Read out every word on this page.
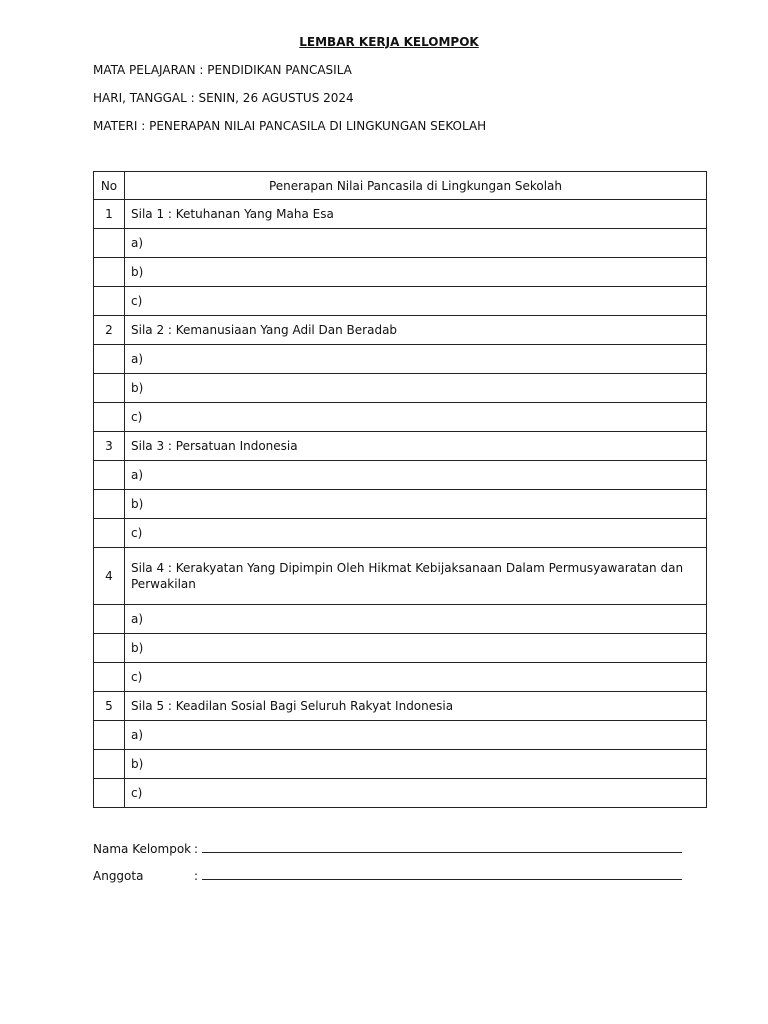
LEMBAR KERJA KELOMPOK
MATA PELAJARAN : PENDIDIKAN PANCASILA
HARI, TANGGAL : SENIN, 26 AGUSTUS 2024
MATERI : PENERAPAN NILAI PANCASILA DI LINGKUNGAN SEKOLAH
No	Penerapan Nilai Pancasila di Lingkungan Sekolah
1	Sila 1 : Ketuhanan Yang Maha Esa
	a)
	b)
	c)
2	Sila 2 : Kemanusiaan Yang Adil Dan Beradab
	a)
	b)
	c)
3	Sila 3 : Persatuan Indonesia
	a)
	b)
	c)
4	Sila 4 : Kerakyatan Yang Dipimpin Oleh Hikmat Kebijaksanaan Dalam Permusyawaratan dan Perwakilan
	a)
	b)
	c)
5	Sila 5 : Keadilan Sosial Bagi Seluruh Rakyat Indonesia
	a)
	b)
	c)
Nama Kelompok :
Anggota	:
